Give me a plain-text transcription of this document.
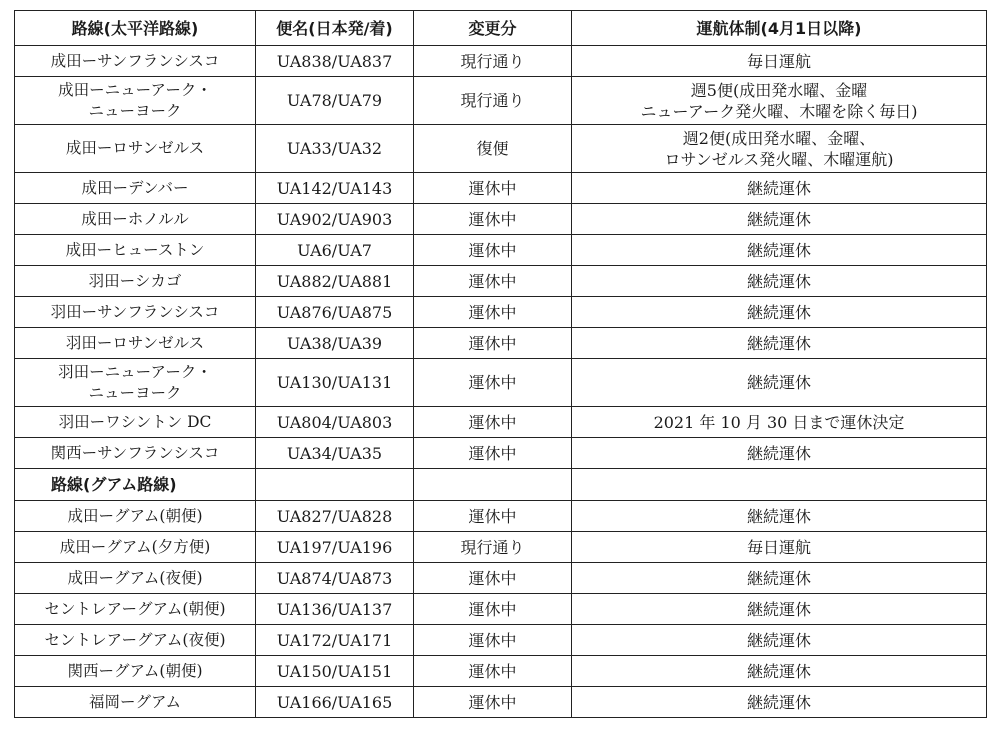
路線(太平洋路線)	便名(日本発/着)	変更分	運航体制(4月1日以降)

成田ーサンフランシスコ	UA838/UA837	現行通り	毎日運航

成田ーニューアーク・
ニューヨーク	UA78/UA79	現行通り	週5便(成田発水曜、金曜
ニューアーク発火曜、木曜を除く毎日)

成田ーロサンゼルス	UA33/UA32	復便	週2便(成田発水曜、金曜、
ロサンゼルス発火曜、木曜運航)

成田ーデンバー	UA142/UA143	運休中	継続運休

成田ーホノルル	UA902/UA903	運休中	継続運休

成田ーヒューストン	UA6/UA7	運休中	継続運休

羽田ーシカゴ	UA882/UA881	運休中	継続運休

羽田ーサンフランシスコ	UA876/UA875	運休中	継続運休

羽田ーロサンゼルス	UA38/UA39	運休中	継続運休

羽田ーニューアーク・
ニューヨーク	UA130/UA131	運休中	継続運休

羽田ーワシントン DC	UA804/UA803	運休中	2021 年 10 月 30 日まで運休決定

関西ーサンフランシスコ	UA34/UA35	運休中	継続運休

路線(グアム路線)			

成田ーグアム(朝便)	UA827/UA828	運休中	継続運休

成田ーグアム(夕方便)	UA197/UA196	現行通り	毎日運航

成田ーグアム(夜便)	UA874/UA873	運休中	継続運休

セントレアーグアム(朝便)	UA136/UA137	運休中	継続運休

セントレアーグアム(夜便)	UA172/UA171	運休中	継続運休

関西ーグアム(朝便)	UA150/UA151	運休中	継続運休

福岡ーグアム	UA166/UA165	運休中	継続運休
